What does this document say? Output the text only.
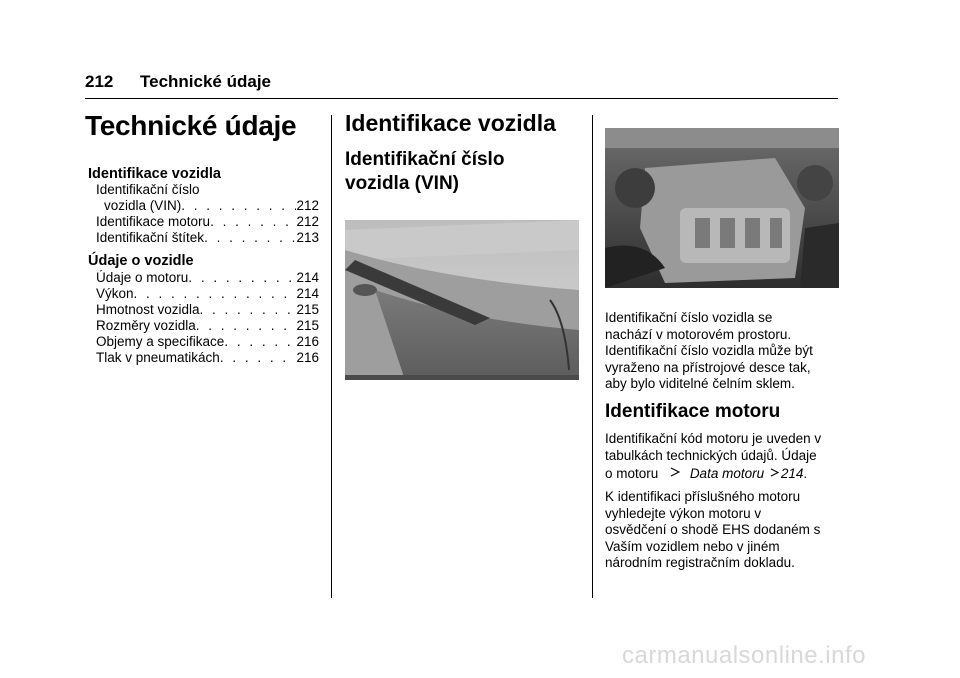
212 Technické údaje
Technické údaje
Identifikace vozidla
Identifikační číslo
vozidla (VIN) . . .	212
Identifikace motoru . . .	212
Identifikační štítek . . .	213
Údaje o vozidle
Údaje o motoru . . .	214
Výkon . . .	214
Hmotnost vozidla . . .	215
Rozměry vozidla . . .	215
Objemy a specifikace . . .	216
Tlak v pneumatikách . . .	216
Identifikace vozidla
Identifikační číslo
vozidla (VIN)
Identifikační číslo vozidla se
nachází v motorovém prostoru.
Identifikační číslo vozidla může být
vyraženo na přístrojové desce tak,
aby bylo viditelné čelním sklem.
Identifikace motoru
Identifikační kód motoru je uveden v
tabulkách technických údajů. Údaje
o motoru Data motoru 214.
K identifikaci příslušného motoru
vyhledejte výkon motoru v
osvědčení o shodě EHS dodaném s
Vaším vozidlem nebo v jiném
národním registračním dokladu.
carmanualsonline.info
